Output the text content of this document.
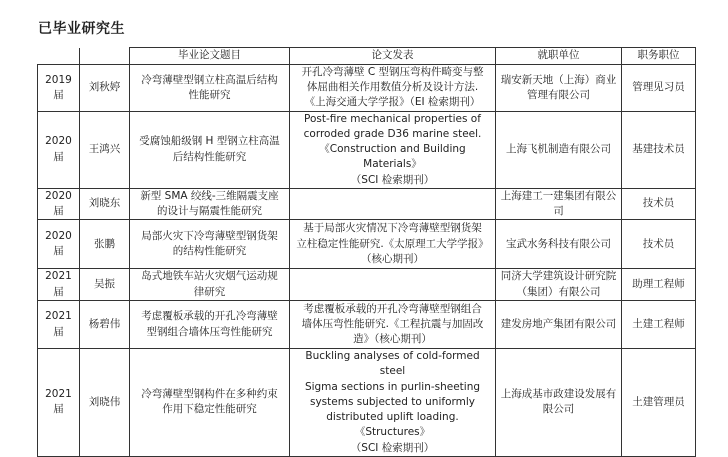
已毕业研究生
		毕业论文题目	论文发表	就职单位	职务职位
2019 届	刘秋婷	冷弯薄壁型钢立柱高温后结构
性能研究	开孔冷弯薄壁 C 型钢压弯构件畸变与整
体屈曲相关作用数值分析及设计方法.
《上海交通大学学报》（EI 检索期刊）	瑞安新天地（上海）商业
管理有限公司	管理见习员
2020 届	王鸿兴	受腐蚀船级钢 H 型钢立柱高温
后结构性能研究	Post-fire mechanical properties of
corroded grade D36 marine steel.
《Construction and Building Materials》
（SCI 检索期刊）	上海飞机制造有限公司	基建技术员
2020 届	刘晓东	新型 SMA 绞线-三维隔震支座
的设计与隔震性能研究		上海建工一建集团有限公
司	技术员
2020 届	张鹏	局部火灾下冷弯薄壁型钢货架
的结构性能研究	基于局部火灾情况下冷弯薄壁型钢货架
立柱稳定性能研究.《太原理工大学学报》
（核心期刊）	宝武水务科技有限公司	技术员
2021 届	吴振	岛式地铁车站火灾烟气运动规
律研究		同济大学建筑设计研究院
（集团）有限公司	助理工程师
2021 届	杨碧伟	考虑覆板承载的开孔冷弯薄壁
型钢组合墙体压弯性能研究	考虑覆板承载的开孔冷弯薄壁型钢组合
墙体压弯性能研究.《工程抗震与加固改
造》（核心期刊）	建发房地产集团有限公司	土建工程师
2021 届	刘晓伟	冷弯薄壁型钢构件在多种约束
作用下稳定性能研究	Buckling analyses of cold-formed steel
Sigma sections in purlin-sheeting
systems subjected to uniformly
distributed uplift loading.《Structures》
（SCI 检索期刊）	上海成基市政建设发展有
限公司	土建管理员
